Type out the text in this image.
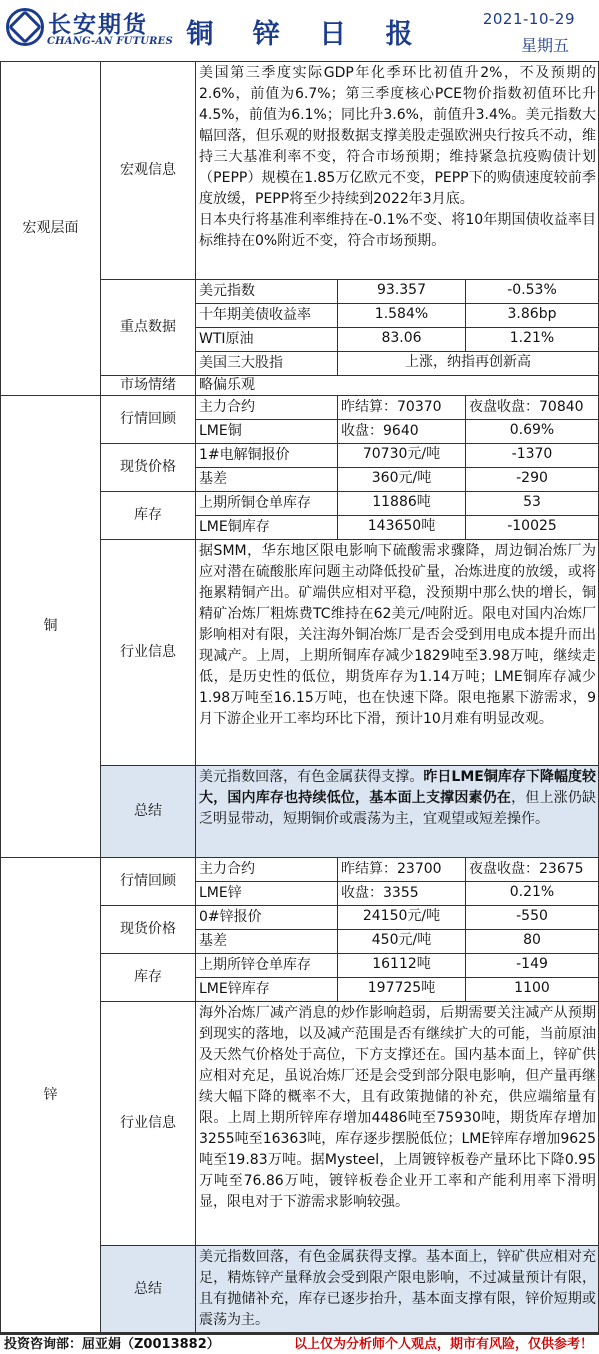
长安期货
CHANG-AN FUTURES 铜 锌 日 报	2021-10-29
星期五
宏观层面
宏观信息
美国第三季度实际GDP年化季环比初值升2%，不及预期的2.6%，前值为6.7%；第三季度核心PCE物价指数初值环比升4.5%，前值为6.1%；同比升3.6%，前值升3.4%。美元指数大幅回落，但乐观的财报数据支撑美股走强欧洲央行按兵不动，维持三大基准利率不变，符合市场预期；维持紧急抗疫购债计划（PEPP）规模在1.85万亿欧元不变，PEPP下的购债速度较前季度放缓，PEPP将至少持续到2022年3月底。
日本央行将基准利率维持在-0.1%不变、将10年期国债收益率目标维持在0%附近不变，符合市场预期。
重点数据
美元指数	93.357	-0.53%
十年期美债收益率	1.584%	3.86bp
WTI原油	83.06	1.21%
美国三大股指	上涨，纳指再创新高
市场情绪	略偏乐观
铜
行情回顾
主力合约	昨结算：70370	夜盘收盘：70840
LME铜	收盘：9640	0.69%
现货价格
1#电解铜报价	70730元/吨	-1370
基差	360元/吨	-290
库存
上期所铜仓单库存	11886吨	53
LME铜库存	143650吨	-10025
行业信息
据SMM，华东地区限电影响下硫酸需求骤降，周边铜冶炼厂为应对潜在硫酸胀库问题主动降低投矿量，冶炼进度的放缓，或将拖累精铜产出。矿端供应相对平稳，没预期中那么快的增长，铜精矿冶炼厂粗炼费TC维持在62美元/吨附近。限电对国内冶炼厂影响相对有限，关注海外铜冶炼厂是否会受到用电成本提升而出现减产。上周，上期所铜库存减少1829吨至3.98万吨，继续走低，是历史性的低位，期货库存为1.14万吨；LME铜库存减少1.98万吨至16.15万吨，也在快速下降。限电拖累下游需求，9月下游企业开工率均环比下滑，预计10月难有明显改观。
总结
美元指数回落，有色金属获得支撑。昨日LME铜库存下降幅度较大，国内库存也持续低位，基本面上支撑因素仍在，但上涨仍缺乏明显带动，短期铜价或震荡为主，宜观望或短差操作。
锌
行情回顾
主力合约	昨结算：23700	夜盘收盘：23675
LME锌	收盘：3355	0.21%
现货价格
0#锌报价	24150元/吨	-550
基差	450元/吨	80
库存
上期所锌仓单库存	16112吨	-149
LME锌库存	197725吨	1100
行业信息
海外冶炼厂减产消息的炒作影响趋弱，后期需要关注减产从预期到现实的落地，以及减产范围是否有继续扩大的可能，当前原油及天然气价格处于高位，下方支撑还在。国内基本面上，锌矿供应相对充足，虽说冶炼厂还是会受到部分限电影响，但产量再继续大幅下降的概率不大，且有政策抛储的补充，供应端缩量有限。上周上期所锌库存增加4486吨至75930吨，期货库存增加3255吨至16363吨，库存逐步摆脱低位；LME锌库存增加9625吨至19.83万吨。据Mysteel，上周镀锌板卷产量环比下降0.95万吨至76.86万吨，镀锌板卷企业开工率和产能利用率下滑明显，限电对于下游需求影响较强。
总结
美元指数回落，有色金属获得支撑。基本面上，锌矿供应相对充足，精炼锌产量释放会受到限产限电影响，不过减量预计有限，且有抛储补充，库存已逐步抬升，基本面支撑有限，锌价短期或震荡为主。
投资咨询部：屈亚娟（Z0013882）	以上仅为分析师个人观点，期市有风险，仅供参考！
